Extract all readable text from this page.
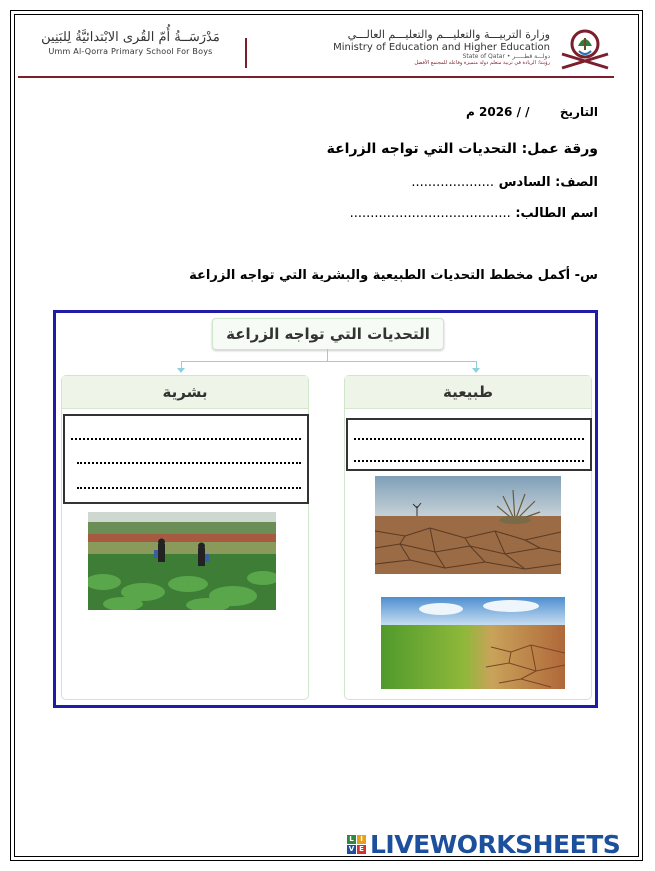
مَدْرَسَــةُ أُمّ القُرى الابْتدائيَّةُ لِلبَنِين
Umm Al-Qorra Primary School For Boys
وزارة التربيـــة والتعليـــم والتعليـــم العالـــي
Ministry of Education and Higher Education
State of Qatar • دولـــة قطـــــر
رؤيتنا: الريادة في تربية متعلم دولة متميزة وفاعلة للمجتمع الأفضل
التاريخ  / / 2026 م
ورقة عمل: التحديات التي تواجه الزراعة
الصف: السادس ....................
اسم الطالب: .......................................
س- أكمل مخطط التحديات الطبيعية والبشرية التي تواجه الزراعة
التحديات التي تواجه الزراعة
بشرية	طبيعية
L I
V E LIVEWORKSHEETS
